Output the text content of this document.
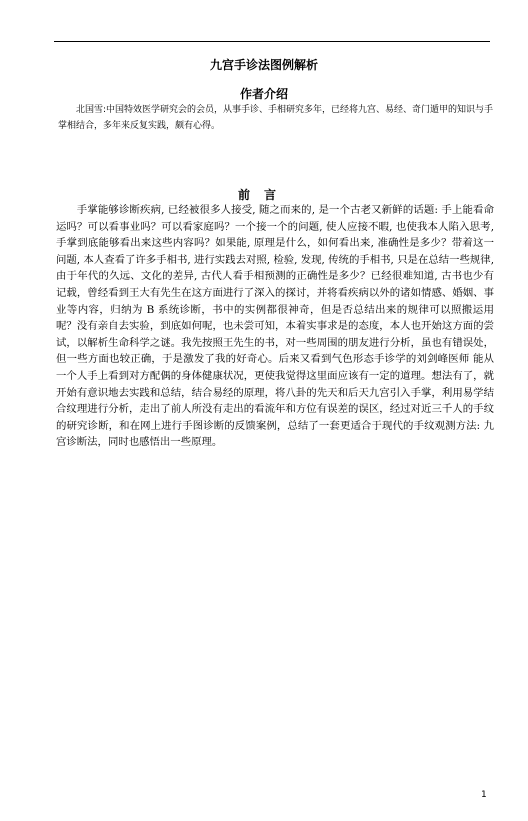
九宫手诊法图例解析
作者介绍

北国雪:中国特效医学研究会的会员，从事手诊、手相研究多年，已经将九宫、易经、奇门遁甲的知识与手掌相结合，多年来反复实践，颇有心得。

前言

手掌能够诊断疾病, 已经被很多人接受, 随之而来的, 是一个古老又新鲜的话题: 手上能看命运吗？可以看事业吗？可以看家庭吗？一个接一个的问题, 使人应接不暇, 也使我本人陷入思考, 手掌到底能够看出来这些内容吗？如果能, 原理是什么，如何看出来, 准确性是多少？带着这一问题, 本人查看了许多手相书, 进行实践去对照, 检验, 发现, 传统的手相书, 只是在总结一些规律, 由于年代的久远、文化的差异, 古代人看手相预测的正确性是多少？已经很难知道, 古书也少有记载，曾经看到王大有先生在这方面进行了深入的探讨，并将看疾病以外的诸如情感、婚姻、事业等内容，归纳为 B 系统诊断，书中的实例都很神奇，但是否总结出来的规律可以照搬运用呢？没有亲自去实验，到底如何呢，也未尝可知，本着实事求是的态度，本人也开始这方面的尝试，以解析生命科学之谜。我先按照王先生的书，对一些周围的朋友进行分析，虽也有错误处，但一些方面也较正确，于是激发了我的好奇心。后来又看到气色形态手诊学的刘剑峰医师 能从一个人手上看到对方配偶的身体健康状况，更使我觉得这里面应该有一定的道理。想法有了，就开始有意识地去实践和总结，结合易经的原理，将八卦的先天和后天九宫引入手掌，利用易学结合纹理进行分析，走出了前人所没有走出的看流年和方位有误差的误区，经过对近三千人的手纹的研究诊断，和在网上进行手图诊断的反馈案例，总结了一套更适合于现代的手纹观测方法: 九宫诊断法，同时也感悟出一些原理。

1
